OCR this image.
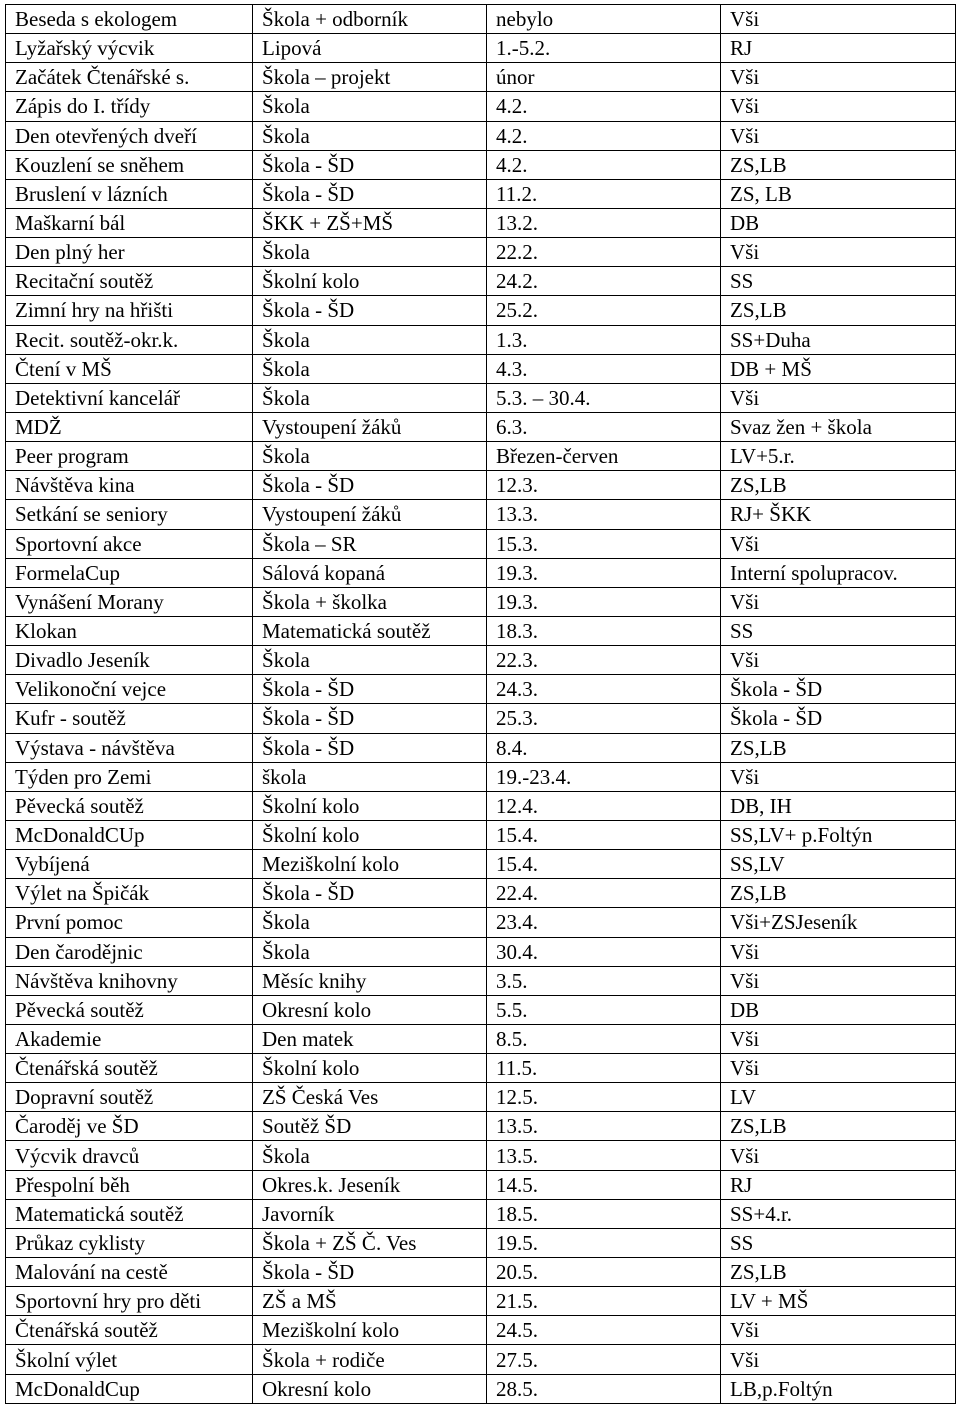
Beseda s ekologem	Škola + odborník	nebylo	Vši
Lyžařský výcvik	Lipová	1.-5.2.	RJ
Začátek Čtenářské s.	Škola – projekt	únor	Vši
Zápis do I. třídy	Škola	4.2.	Vši
Den otevřených dveří	Škola	4.2.	Vši
Kouzlení se sněhem	Škola - ŠD	4.2.	ZS,LB
Bruslení v lázních	Škola - ŠD	11.2.	ZS, LB
Maškarní bál	ŠKK + ZŠ+MŠ	13.2.	DB
Den plný her	Škola	22.2.	Vši
Recitační soutěž	Školní kolo	24.2.	SS
Zimní hry na hřišti	Škola - ŠD	25.2.	ZS,LB
Recit. soutěž-okr.k.	Škola	1.3.	SS+Duha
Čtení v MŠ	Škola	4.3.	DB + MŠ
Detektivní kancelář	Škola	5.3. – 30.4.	Vši
MDŽ	Vystoupení žáků	6.3.	Svaz žen + škola
Peer program	Škola	Březen-červen	LV+5.r.
Návštěva kina	Škola - ŠD	12.3.	ZS,LB
Setkání se seniory	Vystoupení žáků	13.3.	RJ+ ŠKK
Sportovní akce	Škola – SR	15.3.	Vši
FormelaCup	Sálová kopaná	19.3.	Interní spolupracov.
Vynášení Morany	Škola + školka	19.3.	Vši
Klokan	Matematická soutěž	18.3.	SS
Divadlo Jeseník	Škola	22.3.	Vši
Velikonoční vejce	Škola - ŠD	24.3.	Škola - ŠD
Kufr - soutěž	Škola - ŠD	25.3.	Škola - ŠD
Výstava - návštěva	Škola - ŠD	8.4.	ZS,LB
Týden pro Zemi	škola	19.-23.4.	Vši
Pěvecká soutěž	Školní kolo	12.4.	DB, IH
McDonaldCUp	Školní kolo	15.4.	SS,LV+ p.Foltýn
Vybíjená	Meziškolní kolo	15.4.	SS,LV
Výlet na Špičák	Škola - ŠD	22.4.	ZS,LB
První pomoc	Škola	23.4.	Vši+ZSJeseník
Den čarodějnic	Škola	30.4.	Vši
Návštěva knihovny	Měsíc knihy	3.5.	Vši
Pěvecká soutěž	Okresní kolo	5.5.	DB
Akademie	Den matek	8.5.	Vši
Čtenářská soutěž	Školní kolo	11.5.	Vši
Dopravní soutěž	ZŠ Česká Ves	12.5.	LV
Čaroděj ve ŠD	Soutěž ŠD	13.5.	ZS,LB
Výcvik dravců	Škola	13.5.	Vši
Přespolní běh	Okres.k. Jeseník	14.5.	RJ
Matematická soutěž	Javorník	18.5.	SS+4.r.
Průkaz cyklisty	Škola + ZŠ Č. Ves	19.5.	SS
Malování na cestě	Škola - ŠD	20.5.	ZS,LB
Sportovní hry pro děti	ZŠ a MŠ	21.5.	LV + MŠ
Čtenářská soutěž	Meziškolní kolo	24.5.	Vši
Školní výlet	Škola + rodiče	27.5.	Vši
McDonaldCup	Okresní kolo	28.5.	LB,p.Foltýn
